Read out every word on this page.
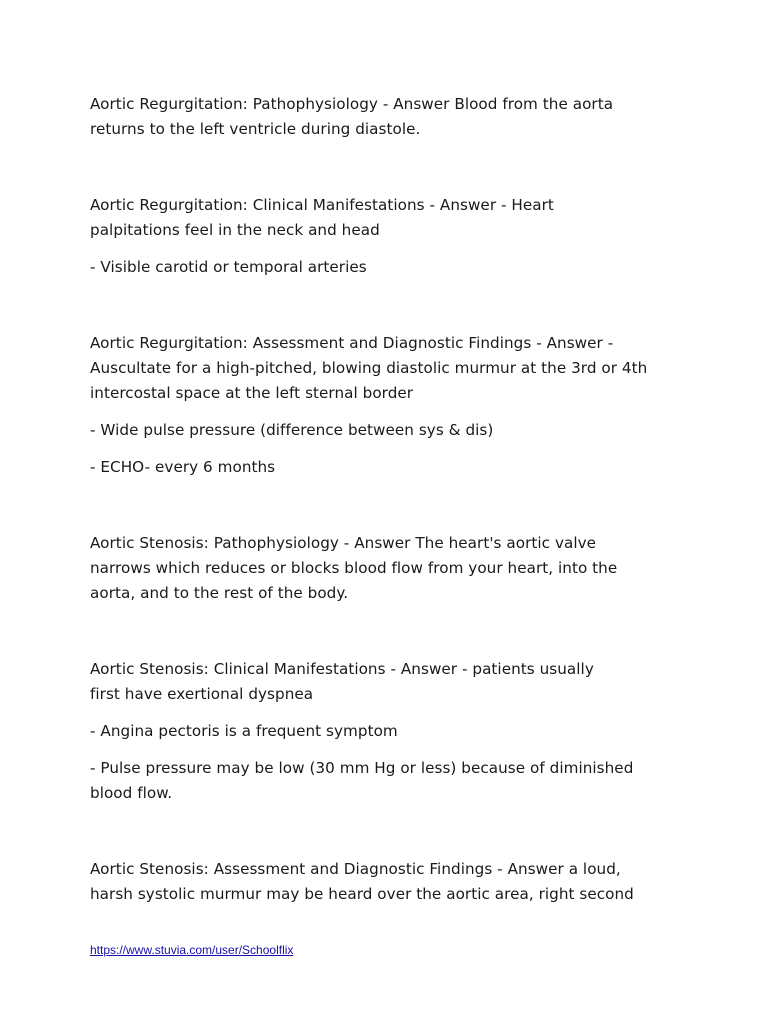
Aortic Regurgitation: Pathophysiology - Answer Blood from the aorta

returns to the left ventricle during diastole.

Aortic Regurgitation: Clinical Manifestations - Answer - Heart

palpitations feel in the neck and head

- Visible carotid or temporal arteries

Aortic Regurgitation: Assessment and Diagnostic Findings - Answer -

Auscultate for a high-pitched, blowing diastolic murmur at the 3rd or 4th

intercostal space at the left sternal border

- Wide pulse pressure (difference between sys & dis)

- ECHO- every 6 months

Aortic Stenosis: Pathophysiology - Answer The heart's aortic valve

narrows which reduces or blocks blood flow from your heart, into the

aorta, and to the rest of the body.

Aortic Stenosis: Clinical Manifestations - Answer - patients usually

first have exertional dyspnea

- Angina pectoris is a frequent symptom

- Pulse pressure may be low (30 mm Hg or less) because of diminished
blood flow.

Aortic Stenosis: Assessment and Diagnostic Findings - Answer a loud,

harsh systolic murmur may be heard over the aortic area, right second

https://www.stuvia.com/user/Schoolflix
